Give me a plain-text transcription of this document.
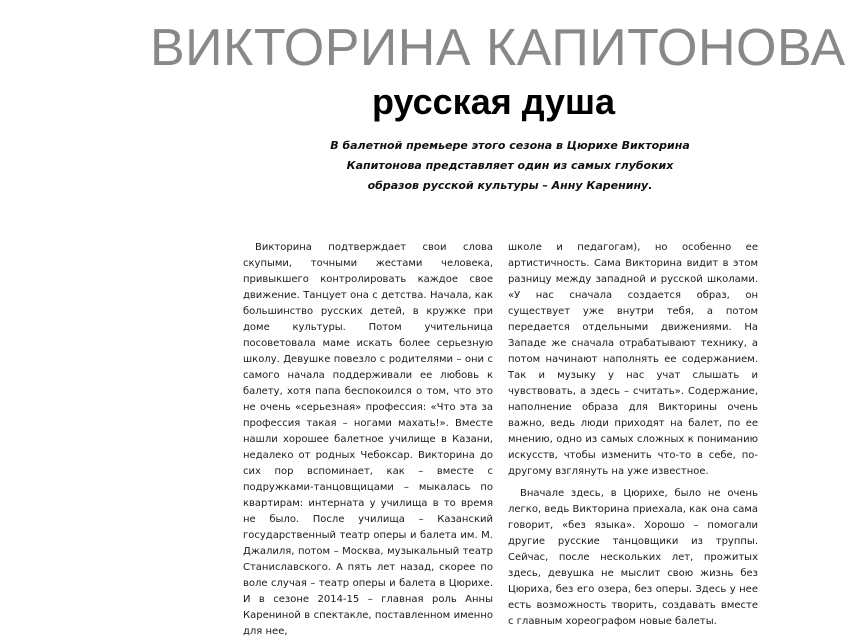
ВИКТОРИНА КАПИТОНОВА
русская душа

В балетной премьере этого сезона в Цюрихе Викторина Капитонова представляет один из самых глубоких образов русской культуры – Анну Каренину.

Викторина подтверждает свои слова скупыми, точными жестами человека, привыкшего контролировать каждое свое движение. Танцует она с детства. Начала, как большинство русских детей, в кружке при доме культуры. Потом учительница посоветовала маме искать более серьезную школу. Девушке повезло с родителями – они с самого начала поддерживали ее любовь к балету, хотя папа беспокоился о том, что это не очень «серьезная» профессия: «Что эта за профессия такая – ногами махать!». Вместе нашли хорошее балетное училище в Казани, недалеко от родных Чебоксар. Викторина до сих пор вспоминает, как – вместе с подружками-танцовщицами – мыкалась по квартирам: интерната у училища в то время не было. После училища – Казанский государственный театр оперы и балета им. М. Джалиля, потом – Москва, музыкальный театр Станиславского. А пять лет назад, скорее по воле случая – театр оперы и балета в Цюрихе. И в сезоне 2014-15 – главная роль Анны Карениной в спектакле, поставленном именно для нее,

школе и педагогам), но особенно ее артистичность. Сама Викторина видит в этом разницу между западной и русской школами. «У нас сначала создается образ, он существует уже внутри тебя, а потом передается отдельными движениями. На Западе же сначала отрабатывают технику, а потом начинают наполнять ее содержанием. Так и музыку у нас учат слышать и чувствовать, а здесь – считать». Содержание, наполнение образа для Викторины очень важно, ведь люди приходят на балет, по ее мнению, одно из самых сложных к пониманию искусств, чтобы изменить что-то в себе, по-другому взглянуть на уже известное.

Вначале здесь, в Цюрихе, было не очень легко, ведь Викторина приехала, как она сама говорит, «без языка». Хорошо – помогали другие русские танцовщики из труппы. Сейчас, после нескольких лет, прожитых здесь, девушка не мыслит свою жизнь без Цюриха, без его озера, без оперы. Здесь у нее есть возможность творить, создавать вместе с главным хореографом новые балеты.
